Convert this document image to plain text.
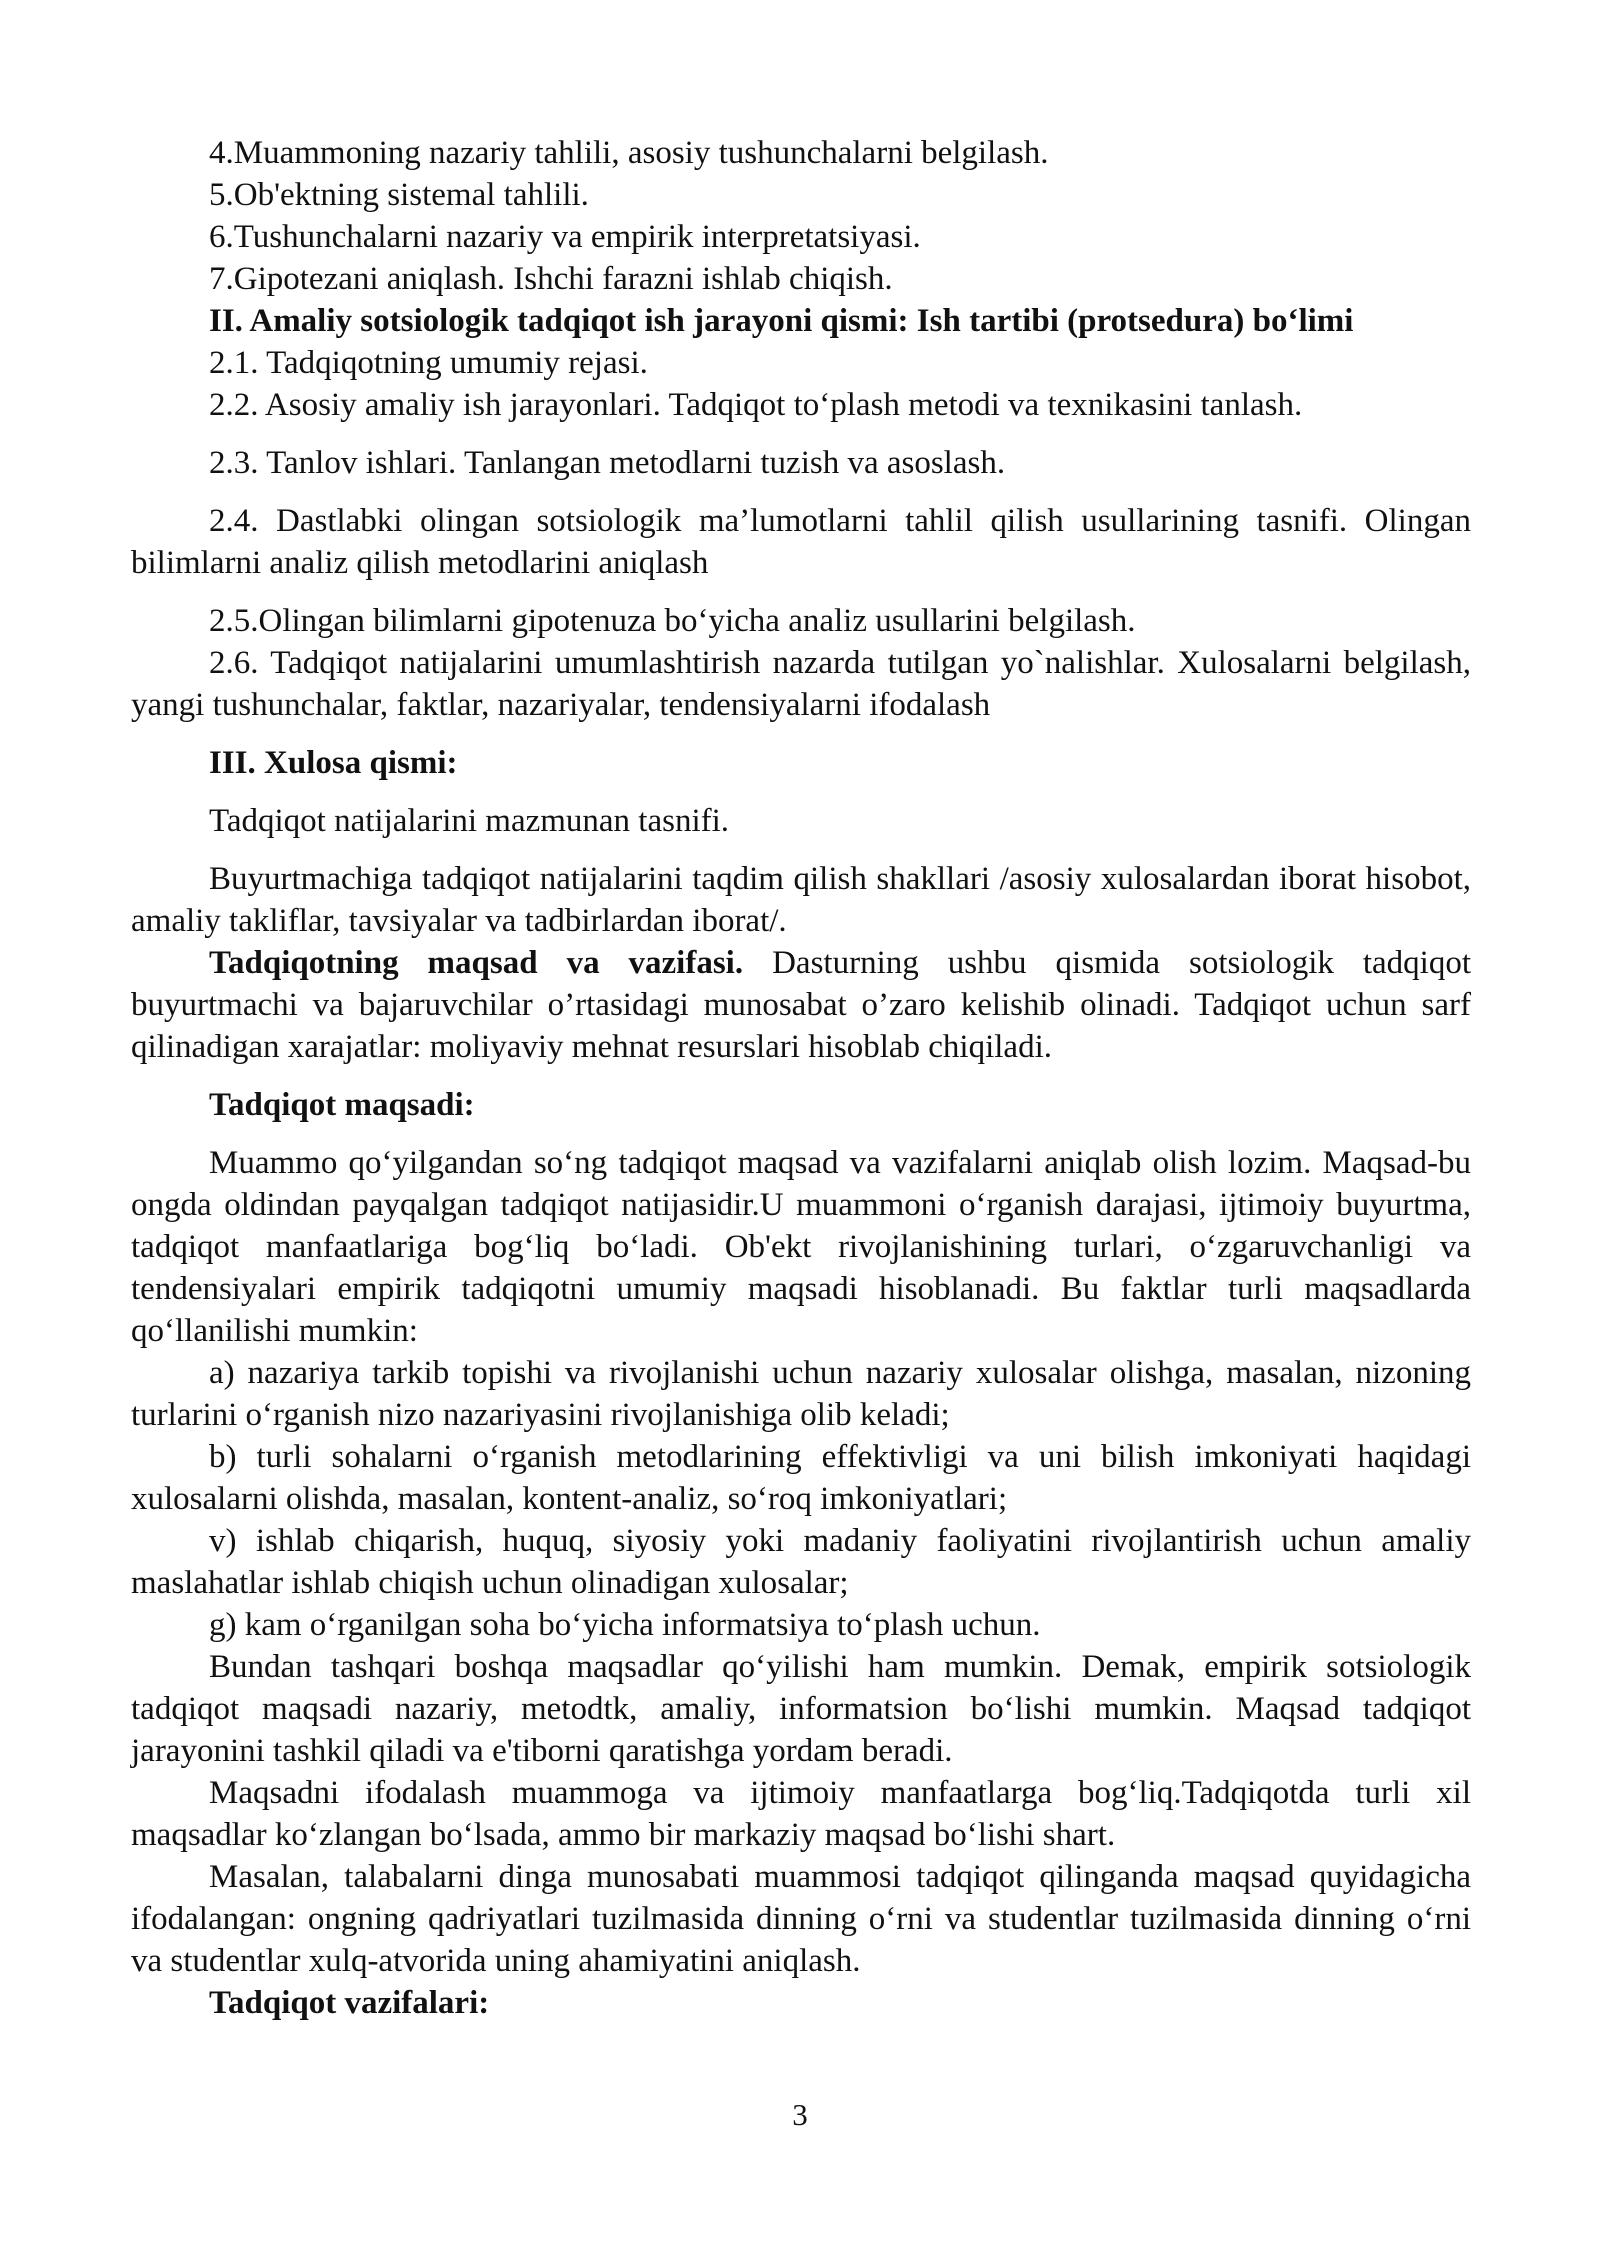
4.Muammoning nazariy tahlili, asosiy tushunchalarni belgilash.

5.Ob'ektning sistemal tahlili.

6.Tushunchalarni nazariy va empirik interpretatsiyasi.

7.Gipotezani aniqlash. Ishchi farazni ishlab chiqish.

II. Amaliy sotsiologik tadqiqot ish jarayoni qismi: Ish tartibi (protsedura) bo‘limi

2.1. Tadqiqotning umumiy rejasi.

2.2. Asosiy amaliy ish jarayonlari. Tadqiqot to‘plash metodi va texnikasini tanlash.

2.3. Tanlov ishlari. Tanlangan metodlarni tuzish va asoslash.

2.4. Dastlabki olingan sotsiologik ma’lumotlarni tahlil qilish usullarining tasnifi. Olingan bilimlarni analiz qilish metodlarini aniqlash

2.5.Olingan bilimlarni gipotenuza bo‘yicha analiz usullarini belgilash.

2.6. Tadqiqot natijalarini umumlashtirish nazarda tutilgan yo`nalishlar. Xulosalarni belgilash, yangi tushunchalar, faktlar, nazariyalar, tendensiyalarni ifodalash

III. Xulosa qismi:

Tadqiqot natijalarini mazmunan tasnifi.

Buyurtmachiga tadqiqot natijalarini taqdim qilish shakllari /asosiy xulosalardan iborat hisobot, amaliy takliflar, tavsiyalar va tadbirlardan iborat/.

Tadqiqotning maqsad va vazifasi. Dasturning ushbu qismida sotsiologik tadqiqot buyurtmachi va bajaruvchilar o’rtasidagi munosabat o’zaro kelishib olinadi. Tadqiqot uchun sarf qilinadigan xarajatlar: moliyaviy mehnat resurslari hisoblab chiqiladi.

Tadqiqot maqsadi:

Muammo qo‘yilgandan so‘ng tadqiqot maqsad va vazifalarni aniqlab olish lozim. Maqsad-bu ongda oldindan payqalgan tadqiqot natijasidir.U muammoni o‘rganish darajasi, ijtimoiy buyurtma, tadqiqot manfaatlariga bog‘liq bo‘ladi. Ob'ekt rivojlanishining turlari, o‘zgaruvchanligi va tendensiyalari empirik tadqiqotni umumiy maqsadi hisoblanadi. Bu faktlar turli maqsadlarda qo‘llanilishi mumkin:

a) nazariya tarkib topishi va rivojlanishi uchun nazariy xulosalar olishga, masalan, nizoning turlarini o‘rganish nizo nazariyasini rivojlanishiga olib keladi;

b) turli sohalarni o‘rganish metodlarining effektivligi va uni bilish imkoniyati haqidagi xulosalarni olishda, masalan, kontent-analiz, so‘roq imkoniyatlari;

v) ishlab chiqarish, huquq, siyosiy yoki madaniy faoliyatini rivojlantirish uchun amaliy maslahatlar ishlab chiqish uchun olinadigan xulosalar;

g) kam o‘rganilgan soha bo‘yicha informatsiya to‘plash uchun.

Bundan tashqari boshqa maqsadlar qo‘yilishi ham mumkin. Demak, empirik sotsiologik tadqiqot maqsadi nazariy, metodtk, amaliy, informatsion bo‘lishi mumkin. Maqsad tadqiqot jarayonini tashkil qiladi va e'tiborni qaratishga yordam beradi.

Maqsadni ifodalash muammoga va ijtimoiy manfaatlarga bog‘liq.Tadqiqotda turli xil maqsadlar ko‘zlangan bo‘lsada, ammo bir markaziy maqsad bo‘lishi shart.

Masalan, talabalarni dinga munosabati muammosi tadqiqot qilinganda maqsad quyidagicha ifodalangan: ongning qadriyatlari tuzilmasida dinning o‘rni va studentlar tuzilmasida dinning o‘rni va studentlar xulq-atvorida uning ahamiyatini aniqlash.

Tadqiqot vazifalari:

3
